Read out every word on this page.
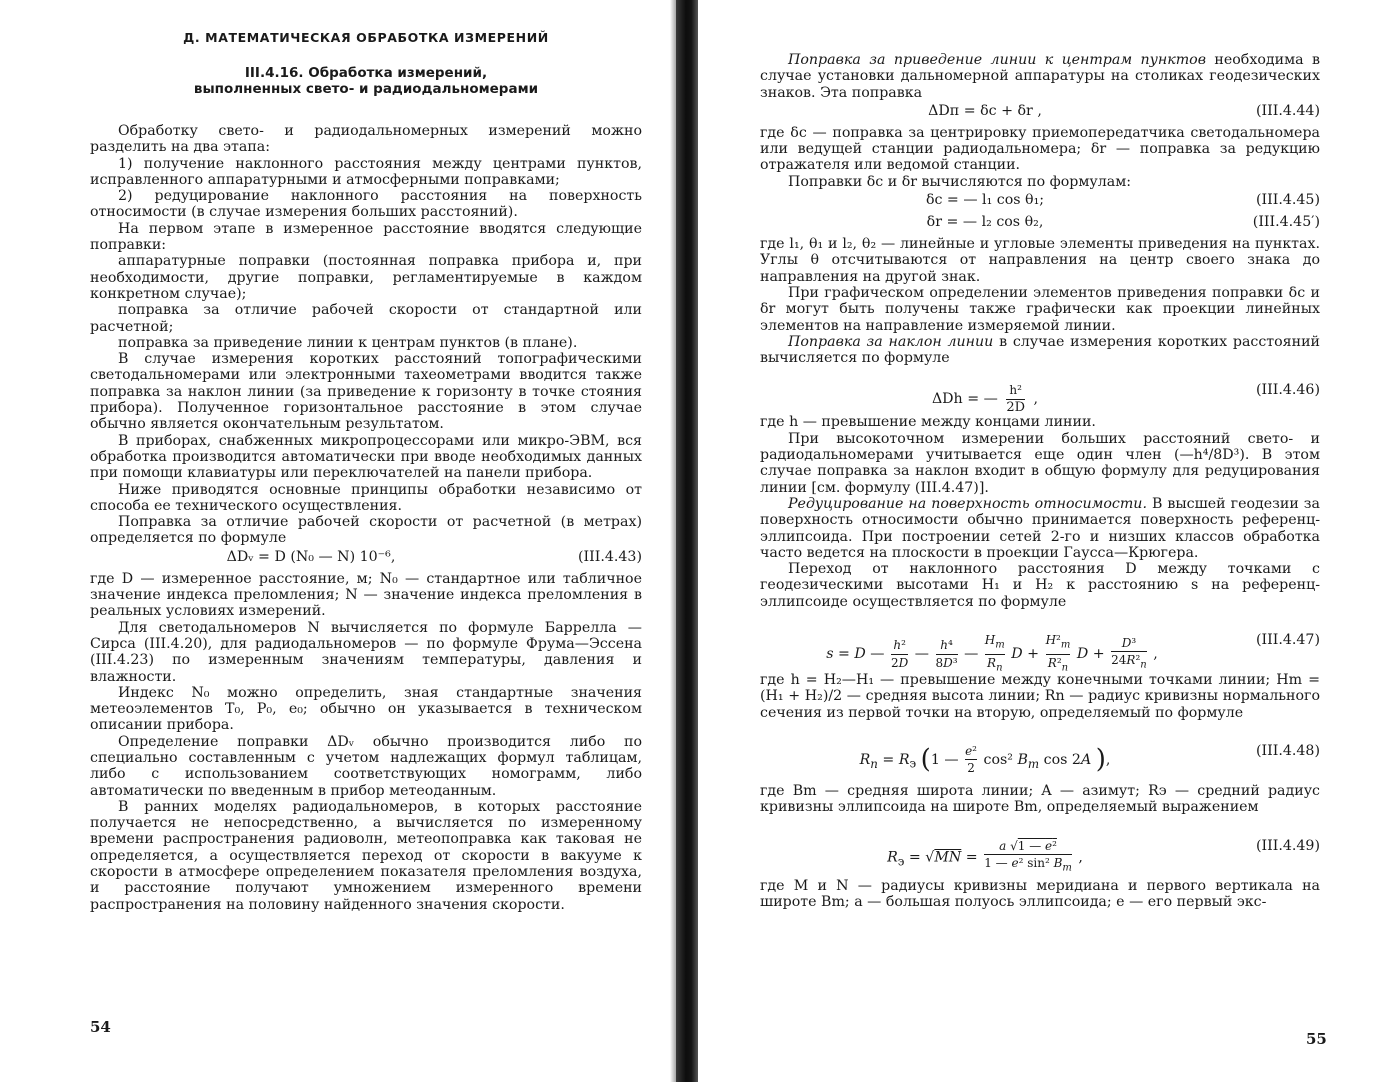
Д. МАТЕМАТИЧЕСКАЯ ОБРАБОТКА ИЗМЕРЕНИЙ
III.4.16. Обработка измерений,
выполненных свето- и радиодальномерами

Обработку свето- и радиодальномерных измерений можно разделить на два этапа:

1) получение наклонного расстояния между центрами пунктов, исправленного аппаратурными и атмосферными поправками;

2) редуцирование наклонного расстояния на поверхность относимости (в случае измерения больших расстояний).

На первом этапе в измеренное расстояние вводятся следующие поправки:

аппаратурные поправки (постоянная поправка прибора и, при необходимости, другие поправки, регламентируемые в каждом конкретном случае);

поправка за отличие рабочей скорости от стандартной или расчетной;

поправка за приведение линии к центрам пунктов (в плане).

В случае измерения коротких расстояний топографическими светодальномерами или электронными тахеометрами вводится также поправка за наклон линии (за приведение к горизонту в точке стояния прибора). Полученное горизонтальное расстояние в этом случае обычно является окончательным результатом.

В приборах, снабженных микропроцессорами или микро-ЭВМ, вся обработка производится автоматически при вводе необходимых данных при помощи клавиатуры или переключателей на панели прибора.

Ниже приводятся основные принципы обработки независимо от способа ее технического осуществления.

Поправка за отличие рабочей скорости от расчетной (в метрах) определяется по формуле

ΔDᵥ = D (N₀ — N) 10⁻⁶,	(III.4.43)

где D — измеренное расстояние, м; N₀ — стандартное или табличное значение индекса преломления; N — значение индекса преломления в реальных условиях измерений.

Для светодальномеров N вычисляется по формуле Баррелла — Сирса (III.4.20), для радиодальномеров — по формуле Фрума—Эссена (III.4.23) по измеренным значениям температуры, давления и влажности.

Индекс N₀ можно определить, зная стандартные значения метеоэлементов T₀, P₀, e₀; обычно он указывается в техническом описании прибора.

Определение поправки ΔDᵥ обычно производится либо по специально составленным с учетом надлежащих формул таблицам, либо с использованием соответствующих номограмм, либо автоматически по введенным в прибор метеоданным.

В ранних моделях радиодальномеров, в которых расстояние получается не непосредственно, а вычисляется по измеренному времени распространения радиоволн, метеопоправка как таковая не определяется, а осуществляется переход от скорости в вакууме к скорости в атмосфере определением показателя преломления воздуха, и расстояние получают умножением измеренного времени распространения на половину найденного значения скорости.

54

Поправка за приведение линии к центрам пунктов необходима в случае установки дальномерной аппаратуры на столиках геодезических знаков. Эта поправка

ΔDп = δc + δr ,	(III.4.44)

где δc — поправка за центрировку приемопередатчика светодальномера или ведущей станции радиодальномера; δr — поправка за редукцию отражателя или ведомой станции.

Поправки δc и δr вычисляются по формулам:

δc = — l₁ cos θ₁;	(III.4.45)
δr = — l₂ cos θ₂,	(III.4.45′)

где l₁, θ₁ и l₂, θ₂ — линейные и угловые элементы приведения на пунктах. Углы θ отсчитываются от направления на центр своего знака до направления на другой знак.

При графическом определении элементов приведения поправки δc и δr могут быть получены также графически как проекции линейных элементов на направление измеряемой линии.

Поправка за наклон линии в случае измерения коротких расстояний вычисляется по формуле

ΔDh = — $\frac{\text{h²}}{2D}$ ,
(III.4.46)

где h — превышение между концами линии.

При высокоточном измерении больших расстояний свето- и радиодальномерами учитывается еще один член (—h⁴/8D³). В этом случае поправка за наклон входит в общую формулу для редуцирования линии [см. формулу (III.4.47)].

Редуцирование на поверхность относимости. В высшей геодезии за поверхность относимости обычно принимается поверхность референц-эллипсоида. При построении сетей 2-го и низших классов обработка часто ведется на плоскости в проекции Гаусса—Крюгера.

Переход от наклонного расстояния D между точками с геодезическими высотами H₁ и H₂ к расстоянию s на референц-эллипсоиде осуществляется по формуле

s = D — $\frac{\text{h²}}{2D}$ — $\frac{\text{h⁴}}{\text{8D³}}$ — $\frac{H_m}{R_n}$ $D + \frac{H^2_m}{R^2_n}$ $D + \frac{\text{D³}}{24R^2_n}$ ,
(III.4.47)

где h = H₂—H₁ — превышение между конечными точками линии; Hm = (H₁ + H₂)/2 — средняя высота линии; Rn — радиус кривизны нормального сечения из первой точки на вторую, определяемый по формуле

$R_n = R_э$ (1 — $\frac{\text{e²}}{2} \cos^2$ $B_m$ cos 2A ),
(III.4.48)

где Bm — средняя широта линии; A — азимут; Rэ — средний радиус кривизны эллипсоида на широте Bm, определяемый выражением

$R_э = √MN = \frac{\text{a √1 — e²}}{1 — e^2 \sin^2 B_m}$ ,
(III.4.49)

где M и N — радиусы кривизны меридиана и первого вертикала на широте Bm; a — большая полуось эллипсоида; e — его первый экс-

55
